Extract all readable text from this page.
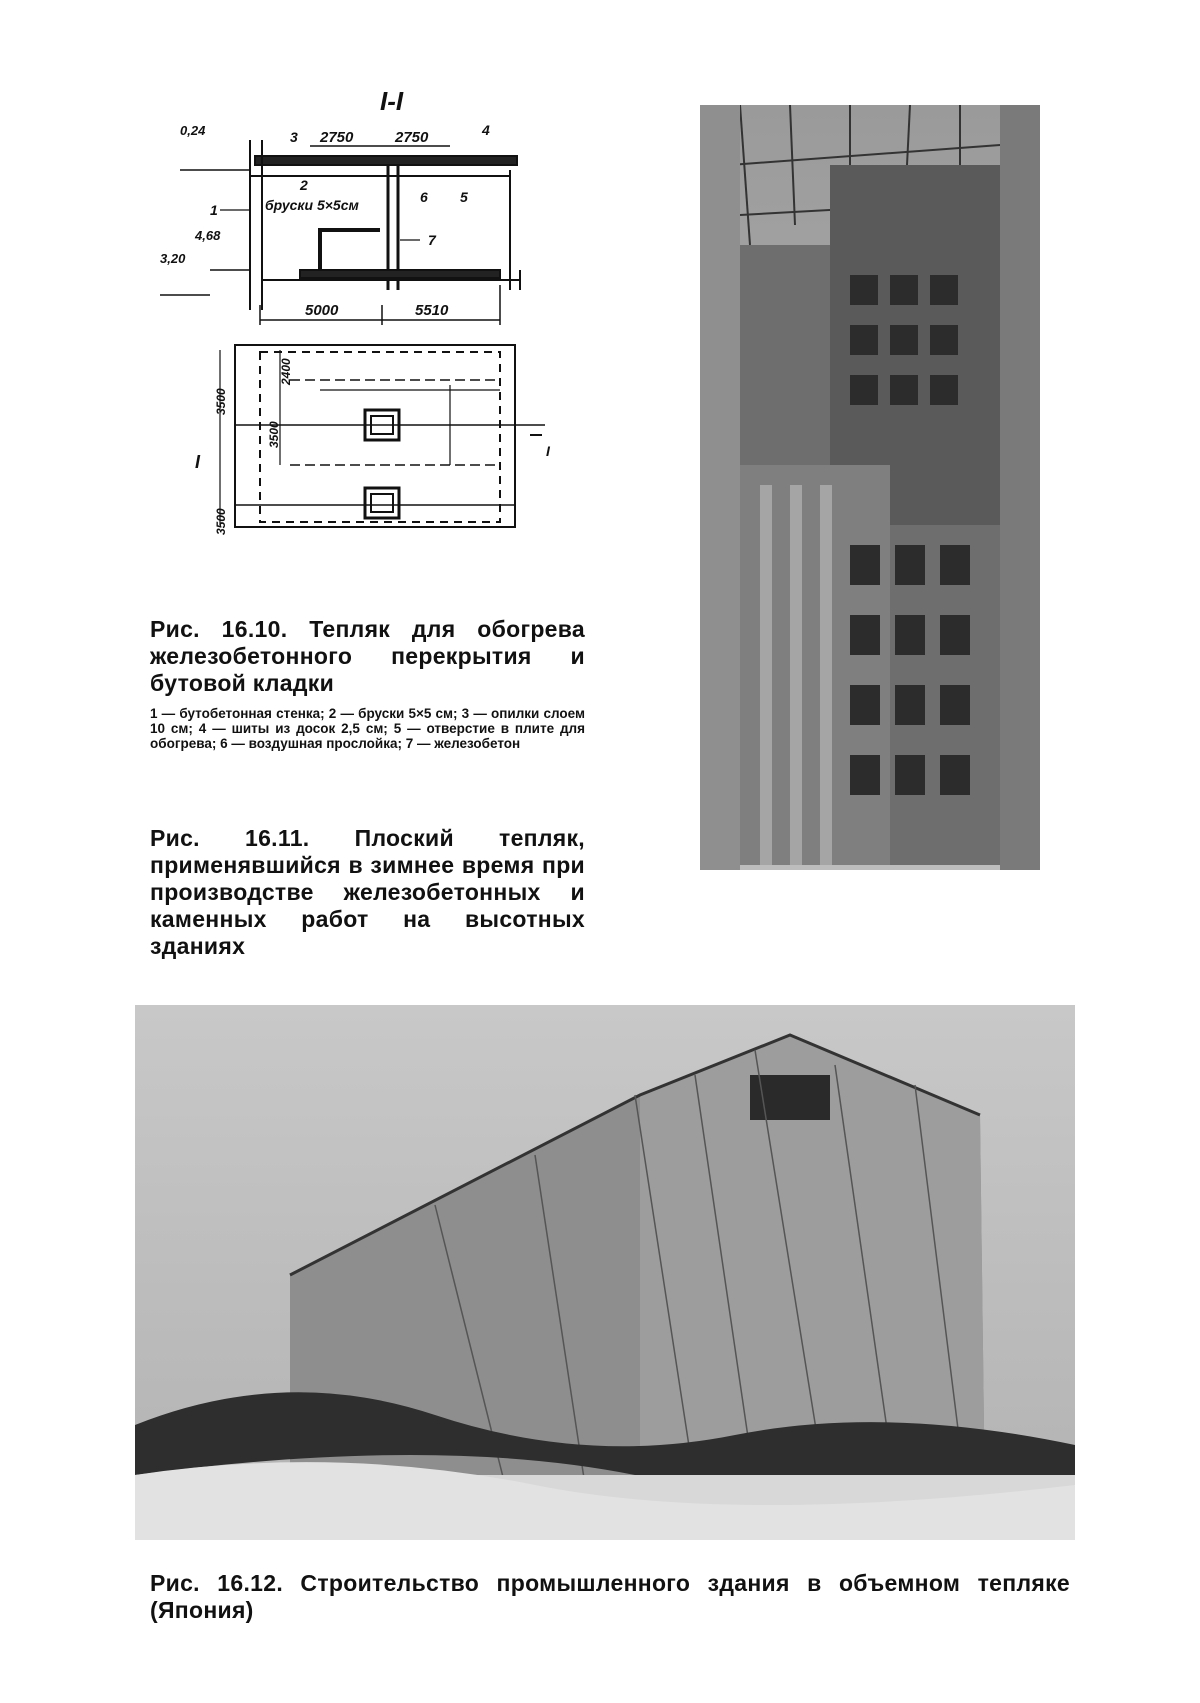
I-I
2750	2750
0,24
4,68
3,20
5000	5510
бруски 5×5см
1
2
3	4
5
6
7
3500
2400
3500
3500
I
I
Рис. 16.10. Тепляк для обогрева железобетонного перекрытия и бутовой кладки
1 — бутобетонная стенка; 2 — бруски 5×5 см; 3 — опилки слоем 10 см; 4 — шиты из досок 2,5 см; 5 — отверстие в плите для обогрева; 6 — воздушная прослойка; 7 — железобетон
Рис. 16.11. Плоский тепляк, применявшийся в зимнее время при производстве железобетонных и каменных работ на высотных зданиях
Рис. 16.12. Строительство промышленного здания в объемном тепляке (Япония)
